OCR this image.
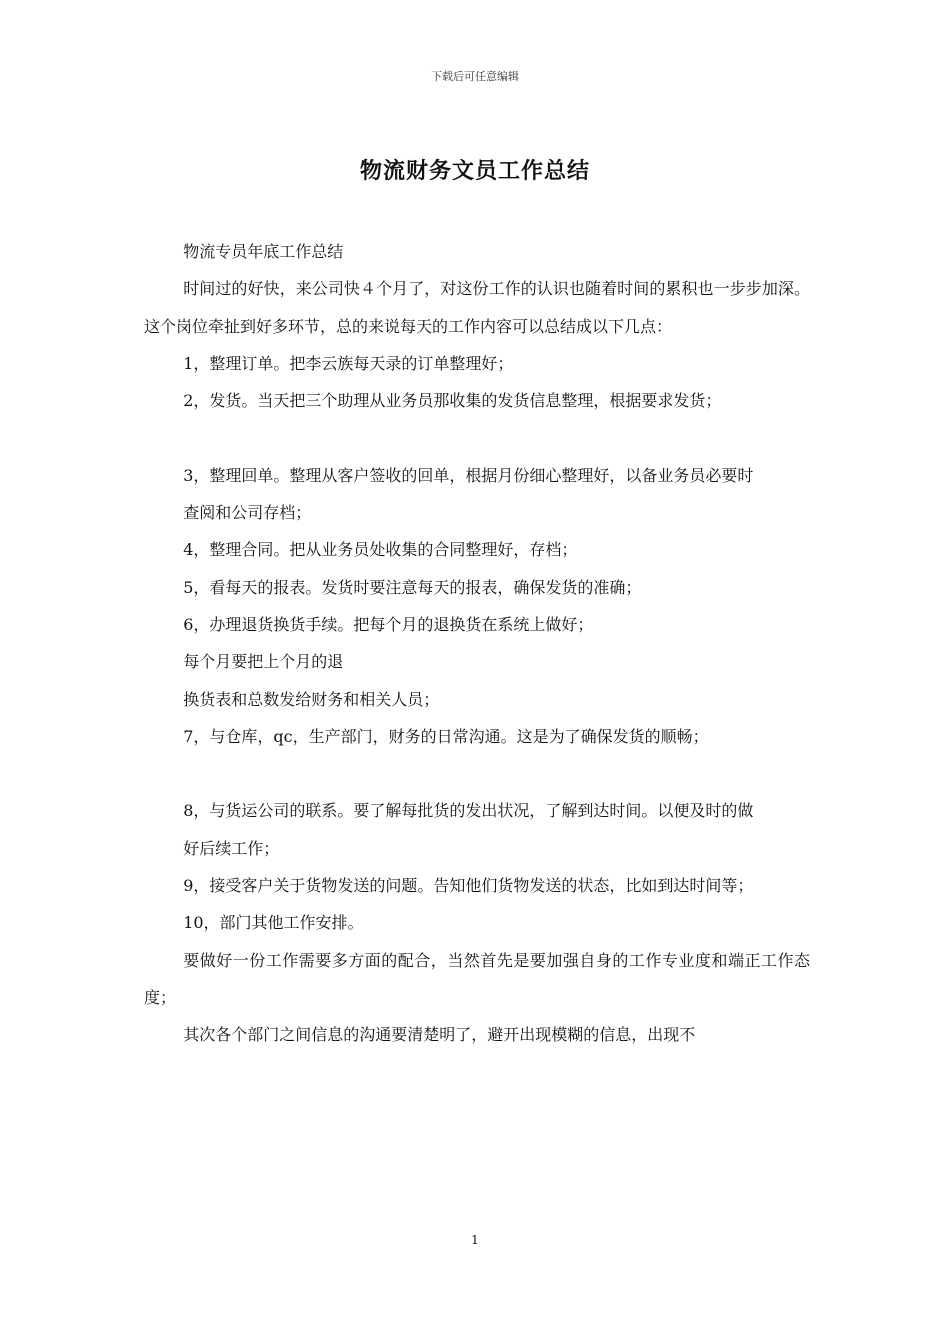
下载后可任意编辑
物流财务文员工作总结

物流专员年底工作总结

时间过的好快，来公司快４个月了，对这份工作的认识也随着时间的累积也一步步加深。这个岗位牵扯到好多环节，总的来说每天的工作内容可以总结成以下几点：

1，整理订单。把李云族每天录的订单整理好；

2，发货。当天把三个助理从业务员那收集的发货信息整理，根据要求发货；

3，整理回单。整理从客户签收的回单，根据月份细心整理好，以备业务员必要时

查阅和公司存档；

4，整理合同。把从业务员处收集的合同整理好，存档；

5，看每天的报表。发货时要注意每天的报表，确保发货的准确；

6，办理退货换货手续。把每个月的退换货在系统上做好；

每个月要把上个月的退

换货表和总数发给财务和相关人员；

7，与仓库，qc，生产部门，财务的日常沟通。这是为了确保发货的顺畅；

8，与货运公司的联系。要了解每批货的发出状况，了解到达时间。以便及时的做

好后续工作；

9，接受客户关于货物发送的问题。告知他们货物发送的状态，比如到达时间等；

10，部门其他工作安排。

要做好一份工作需要多方面的配合，当然首先是要加强自身的工作专业度和端正工作态度；

其次各个部门之间信息的沟通要清楚明了，避开出现模糊的信息，出现不

1
